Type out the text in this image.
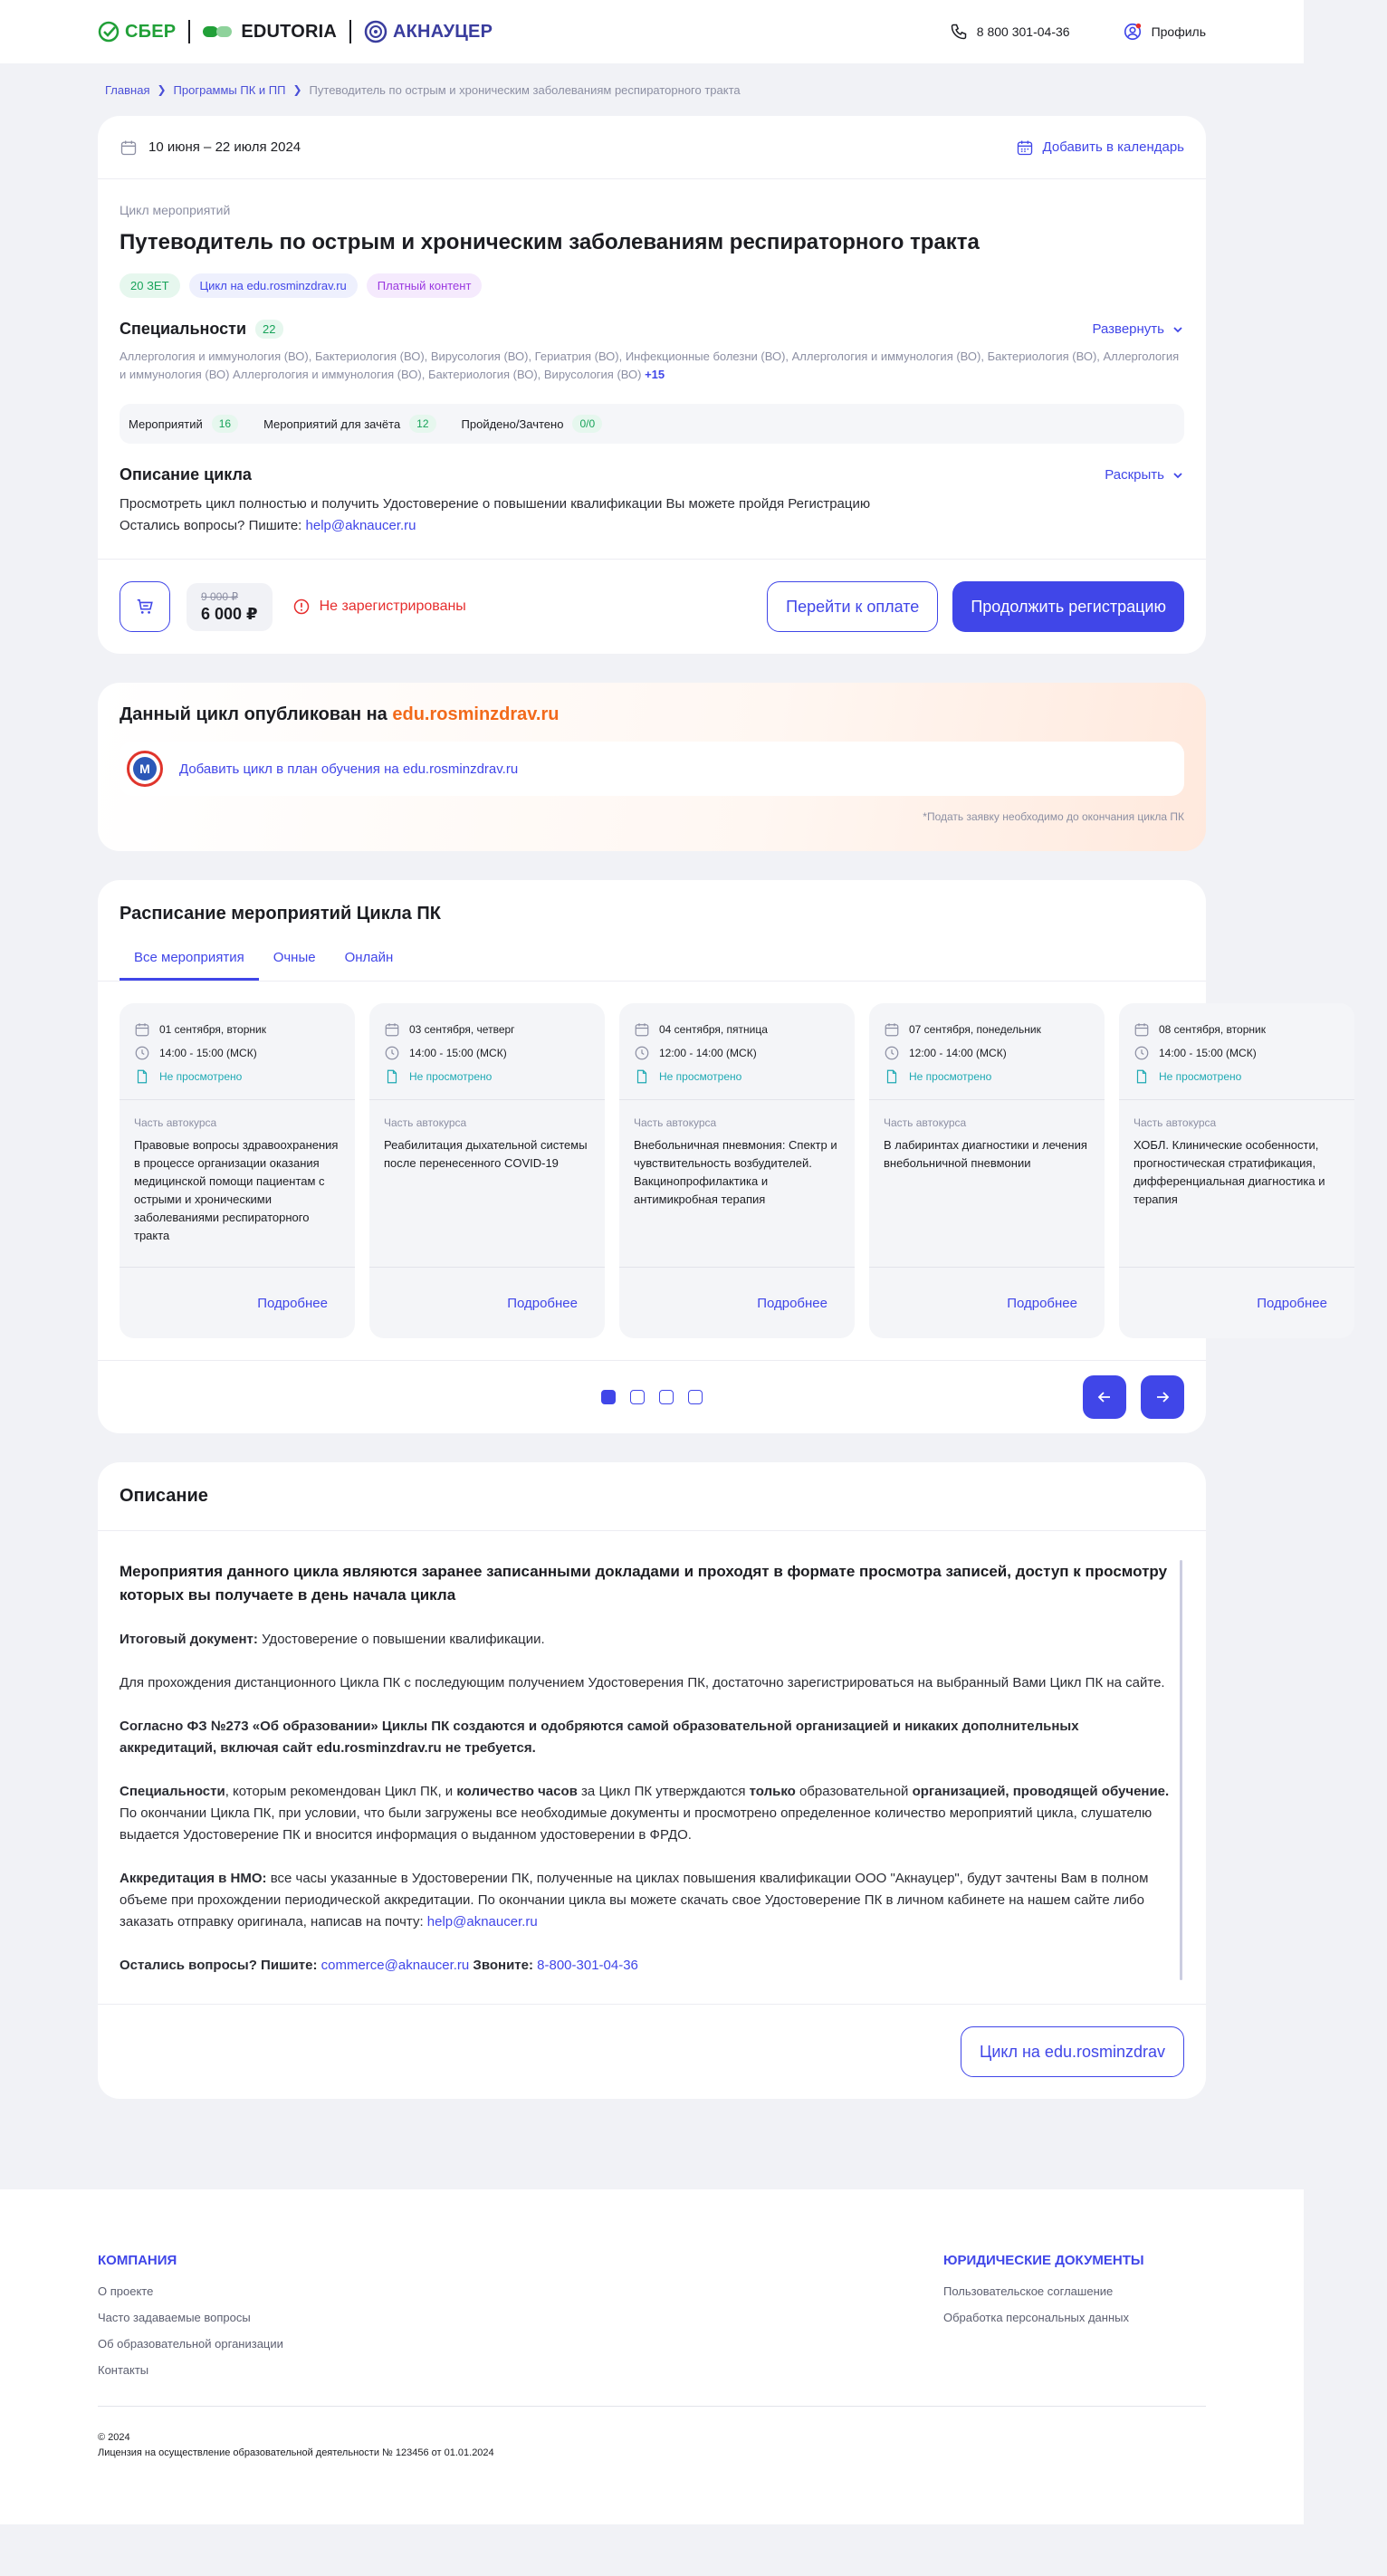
СБЕР	EDUTORIA	АКНАУЦЕР	8 800 301-04-36	Профиль
Главная ❯ Программы ПК и ПП ❯ Путеводитель по острым и хроническим заболеваниям респираторного тракта
10 июня – 22 июля 2024	Добавить в календарь
Цикл мероприятий
Путеводитель по острым и хроническим заболеваниям респираторного тракта
20 ЗЕТ	Цикл на edu.rosminzdrav.ru	Платный контент
Специальности	22	Развернуть
Аллергология и иммунология (ВО), Бактериология (ВО), Вирусология (ВО), Гериатрия (ВО), Инфекционные болезни (ВО), Аллергология и иммунология (ВО), Бактериология (ВО), Аллергология и иммунология (ВО) Аллергология и иммунология (ВО), Бактериология (ВО), Вирусология (ВО) +15
Мероприятий	16	Мероприятий для зачёта	12	Пройдено/Зачтено	0/0
Описание цикла	Раскрыть
Просмотреть цикл полностью и получить Удостоверение о повышении квалификации Вы можете пройдя Регистрацию
Остались вопросы? Пишите: help@aknaucer.ru
9 000 ₽
6 000 ₽	Не зарегистрированы	Перейти к оплате	Продолжить регистрацию
Данный цикл опубликован на edu.rosminzdrav.ru
М	Добавить цикл в план обучения на edu.rosminzdrav.ru
*Подать заявку необходимо до окончания цикла ПК
Расписание мероприятий Цикла ПК
Все мероприятия	Очные	Онлайн
01 сентября, вторник
14:00 - 15:00 (МСК)
Не просмотрено
Часть автокурса
Правовые вопросы здравоохранения в процессе организации оказания медицинской помощи пациентам с острыми и хроническими заболеваниями респираторного тракта
Подробнее
03 сентября, четверг
14:00 - 15:00 (МСК)
Не просмотрено
Часть автокурса
Реабилитация дыхательной системы после перенесенного COVID-19
Подробнее
04 сентября, пятница
12:00 - 14:00 (МСК)
Не просмотрено
Часть автокурса
Внебольничная пневмония: Спектр и чувствительность возбудителей. Вакцинопрофилактика и антимикробная терапия
Подробнее
07 сентября, понедельник
12:00 - 14:00 (МСК)
Не просмотрено
Часть автокурса
В лабиринтах диагностики и лечения внебольничной пневмонии
Подробнее
08 сентября, вторник
14:00 - 15:00 (МСК)
Не просмотрено
Часть автокурса
ХОБЛ. Клинические особенности, прогностическая стратификация, дифференциальная диагностика и терапия
Подробнее
Описание

Мероприятия данного цикла являются заранее записанными докладами и проходят в формате просмотра записей, доступ к просмотру которых вы получаете в день начала цикла

Итоговый документ: Удостоверение о повышении квалификации.

Для прохождения дистанционного Цикла ПК с последующим получением Удостоверения ПК, достаточно зарегистрироваться на выбранный Вами Цикл ПК на сайте.

Согласно ФЗ №273 «Об образовании» Циклы ПК создаются и одобряются самой образовательной организацией и никаких дополнительных аккредитаций, включая сайт edu.rosminzdrav.ru не требуется.

Специальности, которым рекомендован Цикл ПК, и количество часов за Цикл ПК утверждаются только образовательной организацией, проводящей обучение. По окончании Цикла ПК, при условии, что были загружены все необходимые документы и просмотрено определенное количество мероприятий цикла, слушателю выдается Удостоверение ПК и вносится информация о выданном удостоверении в ФРДО.

Аккредитация в НМО: все часы указанные в Удостоверении ПК, полученные на циклах повышения квалификации ООО "Акнауцер", будут зачтены Вам в полном объеме при прохождении периодической аккредитации. По окончании цикла вы можете скачать свое Удостоверение ПК в личном кабинете на нашем сайте либо заказать отправку оригинала, написав на почту: help@aknaucer.ru

Остались вопросы? Пишите: commerce@aknaucer.ru Звоните: 8-800-301-04-36

Цикл на edu.rosminzdrav
КОМПАНИЯ
О проекте
Часто задаваемые вопросы
Об образовательной организации
Контакты
ЮРИДИЧЕСКИЕ ДОКУМЕНТЫ
Пользовательское соглашение
Обработка персональных данных
© 2024
Лицензия на осуществление образовательной деятельности № 123456 от 01.01.2024
